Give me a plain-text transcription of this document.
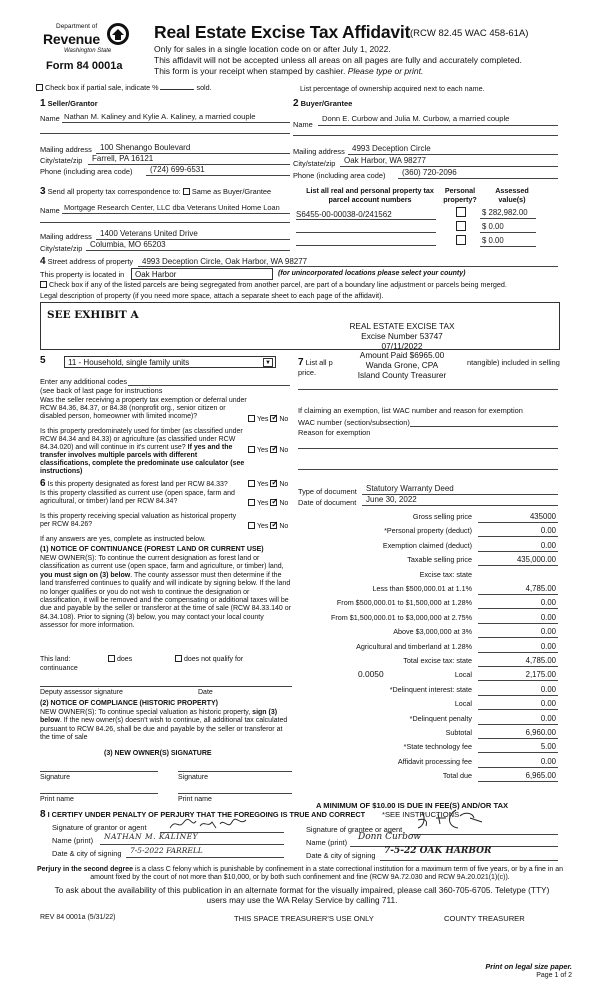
Department of
Revenue
Washington State
Form 84 0001a
Real Estate Excise Tax Affidavit (RCW 82.45 WAC 458-61A)
Only for sales in a single location code on or after July 1, 2022.
This affidavit will not be accepted unless all areas on all pages are fully and accurately completed.
This form is your receipt when stamped by cashier. Please type or print.
Check box if partial sale, indicate %	sold.	List percentage of ownership acquired next to each name.
1 Seller/Grantor
Name Nathan M. Kaliney and Kylie A. Kaliney, a married couple
Mailing address 100 Shenango Boulevard
City/state/zip Farrell, PA 16121
Phone (including area code) (724) 699-6531
2 Buyer/Grantee
Name
Donn E. Curbow and Julia M. Curbow, a married couple
Mailing address 4993 Deception Circle
City/state/zip Oak Harbor, WA 98277
Phone (including area code) (360) 720-2096
3 Send all property tax correspondence to: Same as Buyer/Grantee
Name Mortgage Research Center, LLC dba Veterans United Home Loan
Mailing address 1400 Veterans United Drive
City/state/zip Columbia, MO 65203
List all real and personal property tax parcel account numbers
Personal property?
Assessed value(s)
S6455-00-00038-0/241562	$ 282,982.00
$ 0.00
$ 0.00
4 Street address of property 4993 Deception Circle, Oak Harbor, WA 98277
This property is located in	Oak Harbor	(for unincorporated locations please select your county)
Check box if any of the listed parcels are being segregated from another parcel, are part of a boundary line adjustment or parcels being merged.
Legal description of property (if you need more space, attach a separate sheet to each page of the affidavit).
SEE EXHIBIT A
REAL ESTATE EXCISE TAX
Excise Number 53747
07/11/2022
Amount Paid $6965.00
Wanda Grone, CPA
Island County Treasurer
5	11 - Household, single family units	▼
Enter any additional codes
(see back of last page for instructions
Was the seller receiving a property tax exemption or deferral under RCW 84.36, 84.37, or 84.38 (nonprofit org., senior citizen or disabled person, homeowner with limited income)?	Yes ✓ No
Is this property predominately used for timber (as classified under RCW 84.34 and 84.33) or agriculture (as classified under RCW 84.34.020) and will continue in it's current use? If yes and the transfer involves multiple parcels with different classifications, complete the predominate use calculator (see instructions)
Yes ✓ No
7 List all p	ntangible) included in selling
price.
If claiming an exemption, list WAC number and reason for exemption
WAC number (section/subsection)
Reason for exemption
Type of document Statutory Warranty Deed
Date of document June 30, 2022
Gross selling price	435000
*Personal property (deduct)	0.00
Exemption claimed (deduct)	0.00
Taxable selling price	435,000.00
Excise tax: state
Less than $500,000.01 at 1.1%	4,785.00
From $500,000.01 to $1,500,000 at 1.28%	0.00
From $1,500,000.01 to $3,000,000 at 2.75%	0.00
Above $3,000,000 at 3%	0.00
Agricultural and timberland at 1.28%	0.00
Total excise tax: state	4,785.00
Local	2,175.00
*Delinquent interest: state	0.00
Local	0.00
*Delinquent penalty	0.00
Subtotal	6,960.00
*State technology fee	5.00
Affidavit processing fee	0.00
Total due	6,965.00
0.0050
A MINIMUM OF $10.00 IS DUE IN FEE(S) AND/OR TAX
*SEE INSTRUCTIONS
6 Is this property designated as forest land per RCW 84.33?	Yes ✓ No
Is this property classified as current use (open space, farm and agricultural, or timber) land per RCW 84.34?	Yes ✓ No
Is this property receiving special valuation as historical property per RCW 84.26?	Yes ✓ No
If any answers are yes, complete as instructed below.
(1) NOTICE OF CONTINUANCE (FOREST LAND OR CURRENT USE)
NEW OWNER(S): To continue the current designation as forest land or classification as current use (open space, farm and agriculture, or timber) land, you must sign on (3) below. The county assessor must then determine if the land transferred continues to qualify and will indicate by signing below. If the land no longer qualifies or you do not wish to continue the designation or classification, it will be removed and the compensating or additional taxes will be due and payable by the seller or transferor at the time of sale (RCW 84.33.140 or 84.34.108). Prior to signing (3) below, you may contact your local county assessor for more information.
This land:
continuance
does	does not qualify for
Deputy assessor signature	Date
(2) NOTICE OF COMPLIANCE (HISTORIC PROPERTY)
NEW OWNER(S): To continue special valuation as historic property, sign (3) below. If the new owner(s) doesn't wish to continue, all additional tax calculated pursuant to RCW 84.26, shall be due and payable by the seller or transferor at the time of sale
(3) NEW OWNER(S) SIGNATURE
Signature	Signature
Print name	Print name
8 I CERTIFY UNDER PENALTY OF PERJURY THAT THE FOREGOING IS TRUE AND CORRECT
Signature of grantor or agent
Name (print) NATHAN M. KALINEY
Date & city of signing 7-5-2022 FARRELL
Signature of grantee or agent
Name (print)
Donn Curbow
Date & city of signing 7-5-22 OAK HARBOR
Perjury in the second degree is a class C felony which is punishable by confinement in a state correctional institution for a maximum term of five years, or by a fine in an amount fixed by the court of not more than $10,000, or by both such confinement and fine (RCW 9A.72.030 and RCW 9A.20.021(1)(c)).
To ask about the availability of this publication in an alternate format for the visually impaired, please call 360-705-6705. Teletype (TTY) users may use the WA Relay Service by calling 711.
REV 84 0001a (5/31/22)	THIS SPACE TREASURER'S USE ONLY	COUNTY TREASURER
Print on legal size paper.
Page 1 of 2
